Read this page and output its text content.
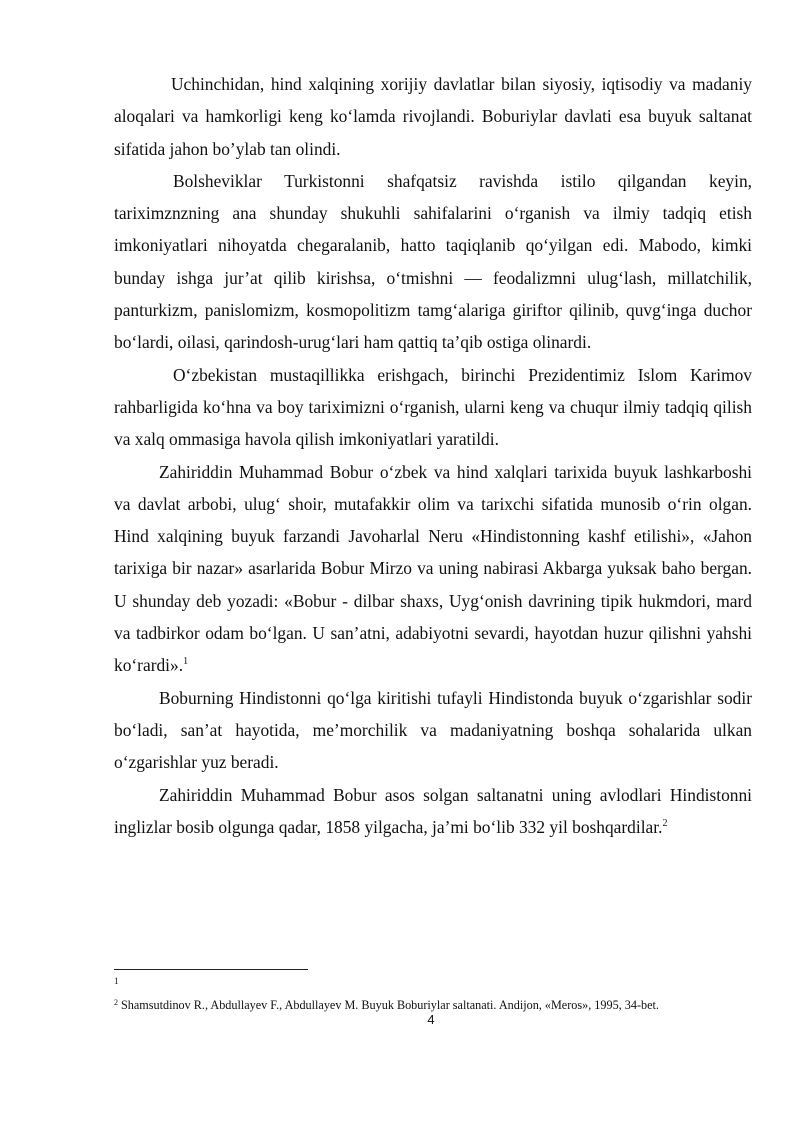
Uchinchidan, hind xalqining xorijiy davlatlar bilan siyosiy, iqtisodiy va madaniy aloqalari va hamkorligi keng ko‘lamda rivojlandi. Boburiylar davlati esa buyuk saltanat sifatida jahon bo’ylab tan olindi.

Bolsheviklar Turkistonni shafqatsiz ravishda istilo qilgandan keyin, tariximznzning ana shunday shukuhli sahifalarini o‘rganish va ilmiy tadqiq etish imkoniyatlari nihoyatda chegaralanib, hatto taqiqlanib qo‘yilgan edi. Mabodo, kimki bunday ishga jur’at qilib kirishsa, o‘tmishni — feodalizmni ulug‘lash, millatchilik, panturkizm, panislomizm, kosmopolitizm tamg‘alariga giriftor qilinib, quvg‘inga duchor bo‘lardi, oilasi, qarindosh-urug‘lari ham qattiq ta’qib ostiga olinardi.

O‘zbekistan mustaqillikka erishgach, birinchi Prezidentimiz Islom Karimov rahbarligida ko‘hna va boy tariximizni o‘rganish, ularni keng va chuqur ilmiy tadqiq qilish va xalq ommasiga havola qilish imkoniyatlari yaratildi.

Zahiriddin Muhammad Bobur o‘zbek va hind xalqlari tarixida buyuk lashkarboshi va davlat arbobi, ulug‘ shoir, mutafakkir olim va tarixchi sifatida munosib o‘rin olgan. Hind xalqining buyuk farzandi Javoharlal Neru «Hindistonning kashf etilishi», «Jahon tarixiga bir nazar» asarlarida Bobur Mirzo va uning nabirasi Akbarga yuksak baho bergan. U shunday deb yozadi: «Bobur - dilbar shaxs, Uyg‘onish davrining tipik hukmdori, mard va tadbirkor odam bo‘lgan. U san’atni, adabiyotni sevardi, hayotdan huzur qilishni yahshi ko‘rardi».$^1$

Boburning Hindistonni qo‘lga kiritishi tufayli Hindistonda buyuk o‘zgarishlar sodir bo‘ladi, san’at hayotida, me’morchilik va madaniyatning boshqa sohalarida ulkan o‘zgarishlar yuz beradi.

Zahiriddin Muhammad Bobur asos solgan saltanatni uning avlodlari Hindistonni inglizlar bosib olgunga qadar, 1858 yilgacha, ja’mi bo‘lib 332 yil boshqardilar.$^2$

1
$^2$ Shamsutdinov R., Abdullayev F., Abdullayev M. Buyuk Boburiylar saltanati. Andijon, «Meros», 1995, 34-bet.
4
